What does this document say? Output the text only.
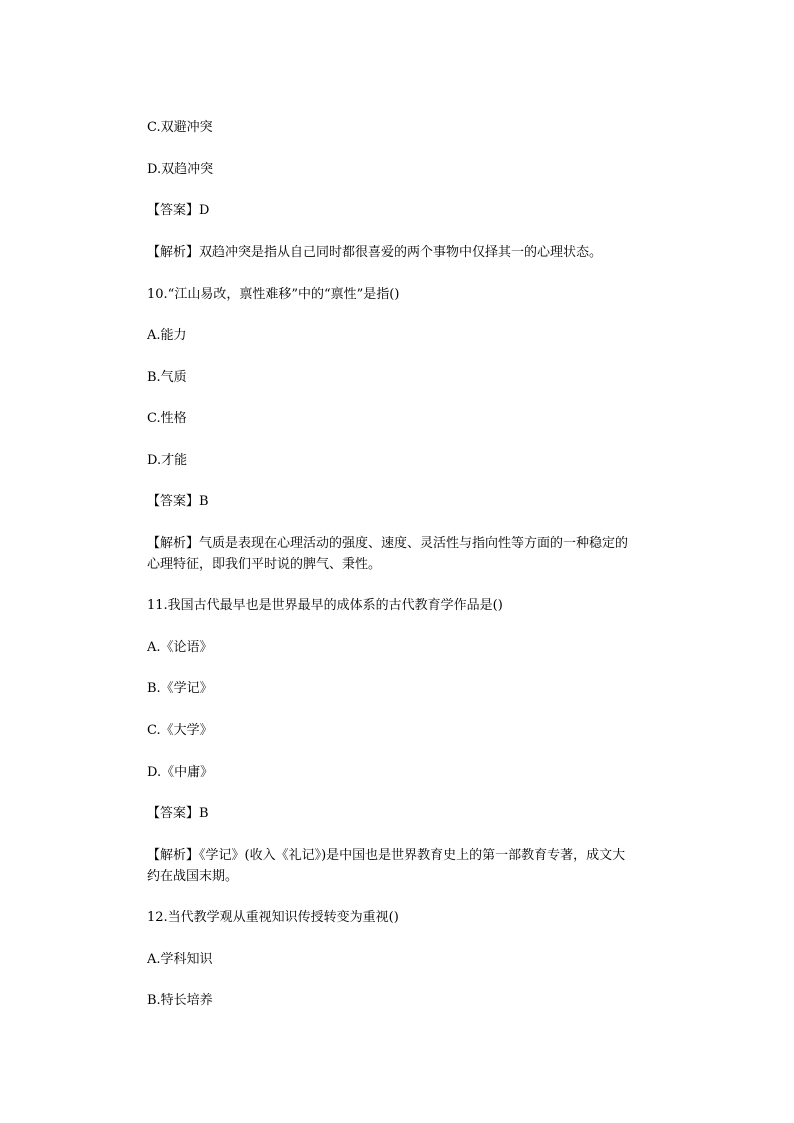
C.双避冲突
D.双趋冲突
【答案】D
【解析】双趋冲突是指从自己同时都很喜爱的两个事物中仅择其一的心理状态。
10.“江山易改，禀性难移”中的“禀性”是指()
A.能力
B.气质
C.性格
D.才能
【答案】B
【解析】气质是表现在心理活动的强度、速度、灵活性与指向性等方面的一种稳定的
心理特征，即我们平时说的脾气、秉性。
11.我国古代最早也是世界最早的成体系的古代教育学作品是()
A.《论语》
B.《学记》
C.《大学》
D.《中庸》
【答案】B
【解析】《学记》(收入《礼记》)是中国也是世界教育史上的第一部教育专著，成文大
约在战国末期。
12.当代教学观从重视知识传授转变为重视()
A.学科知识
B.特长培养
